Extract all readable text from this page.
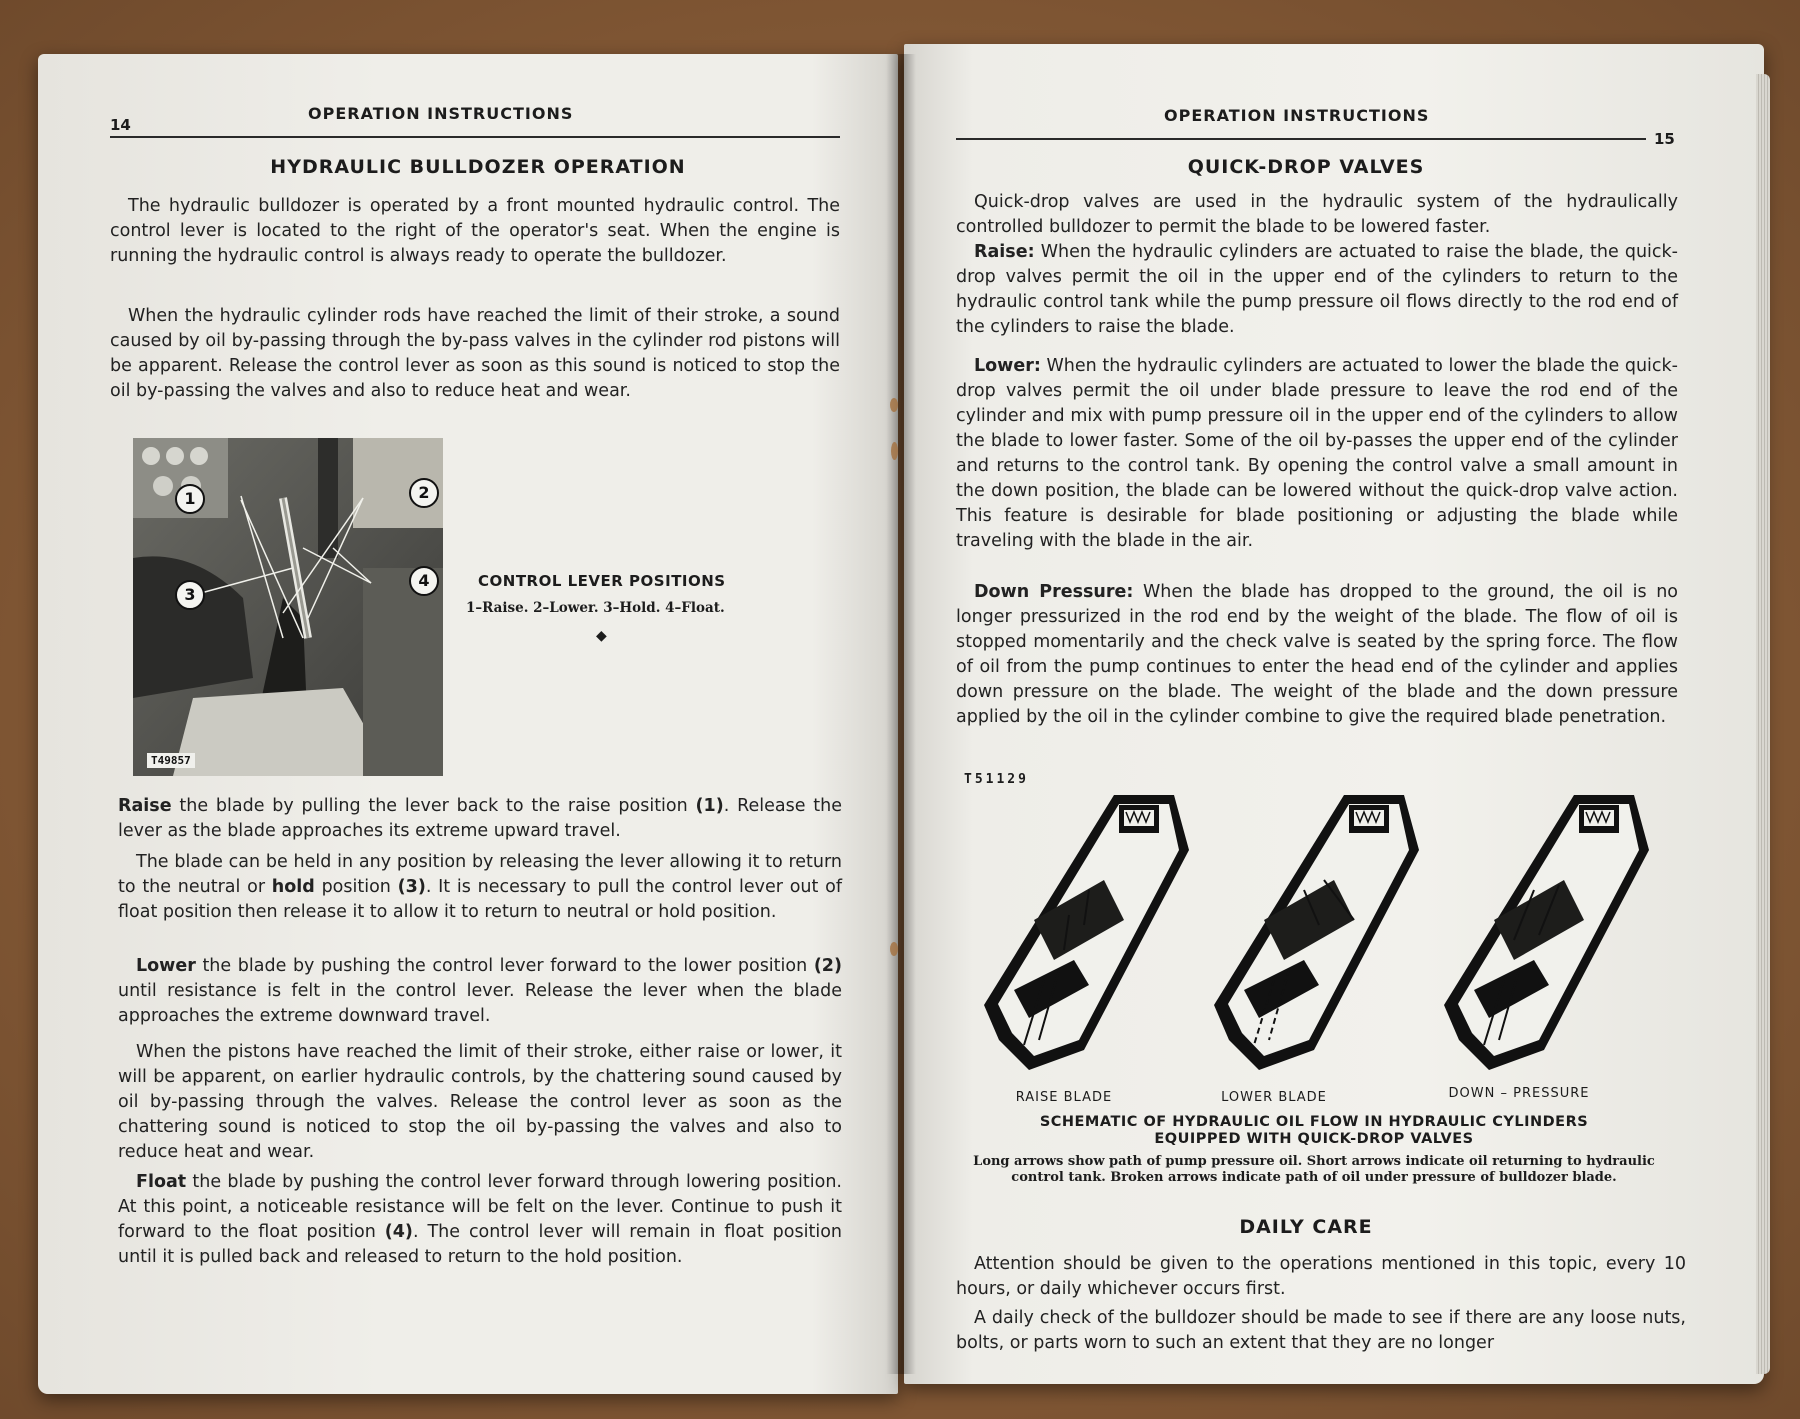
14
OPERATION INSTRUCTIONS
HYDRAULIC BULLDOZER OPERATION
The hydraulic bulldozer is operated by a front mounted hydraulic control. The control lever is located to the right of the operator's seat. When the engine is running the hydraulic control is always ready to operate the bulldozer.
When the hydraulic cylinder rods have reached the limit of their stroke, a sound caused by oil by-passing through the by-pass valves in the cylinder rod pistons will be apparent. Release the control lever as soon as this sound is noticed to stop the oil by-passing the valves and also to reduce heat and wear.
1	2
3
4
T49857
CONTROL LEVER POSITIONS
1–Raise. 2–Lower. 3–Hold. 4–Float.
◆
Raise the blade by pulling the lever back to the raise position (1). Release the lever as the blade approaches its extreme upward travel.
The blade can be held in any position by releasing the lever allowing it to return to the neutral or hold position (3). It is necessary to pull the control lever out of float position then release it to allow it to return to neutral or hold position.
Lower the blade by pushing the control lever forward to the lower position (2) until resistance is felt in the control lever. Release the lever when the blade approaches the extreme downward travel.
When the pistons have reached the limit of their stroke, either raise or lower, it will be apparent, on earlier hydraulic controls, by the chattering sound caused by oil by-passing through the valves. Release the control lever as soon as the chattering sound is noticed to stop the oil by-passing the valves and also to reduce heat and wear.
Float the blade by pushing the control lever forward through lowering position. At this point, a noticeable resistance will be felt on the lever. Continue to push it forward to the float position (4). The control lever will remain in float position until it is pulled back and released to return to the hold position.
OPERATION INSTRUCTIONS
15
QUICK-DROP VALVES
Quick-drop valves are used in the hydraulic system of the hydraulically controlled bulldozer to permit the blade to be lowered faster.
Raise: When the hydraulic cylinders are actuated to raise the blade, the quick-drop valves permit the oil in the upper end of the cylinders to return to the hydraulic control tank while the pump pressure oil flows directly to the rod end of the cylinders to raise the blade.
Lower: When the hydraulic cylinders are actuated to lower the blade the quick-drop valves permit the oil under blade pressure to leave the rod end of the cylinder and mix with pump pressure oil in the upper end of the cylinders to allow the blade to lower faster. Some of the oil by-passes the upper end of the cylinder and returns to the control tank. By opening the control valve a small amount in the down position, the blade can be lowered without the quick-drop valve action. This feature is desirable for blade positioning or adjusting the blade while traveling with the blade in the air.
Down Pressure: When the blade has dropped to the ground, the oil is no longer pressurized in the rod end by the weight of the blade. The flow of oil is stopped momentarily and the check valve is seated by the spring force. The flow of oil from the pump continues to enter the head end of the cylinder and applies down pressure on the blade. The weight of the blade and the down pressure applied by the oil in the cylinder combine to give the required blade penetration.
T51129
RAISE BLADE	LOWER BLADE	DOWN – PRESSURE
SCHEMATIC OF HYDRAULIC OIL FLOW IN HYDRAULIC CYLINDERS
EQUIPPED WITH QUICK-DROP VALVES
Long arrows show path of pump pressure oil. Short arrows indicate oil returning to hydraulic control tank. Broken arrows indicate path of oil under pressure of bulldozer blade.
DAILY CARE
Attention should be given to the operations mentioned in this topic, every 10 hours, or daily whichever occurs first.
A daily check of the bulldozer should be made to see if there are any loose nuts, bolts, or parts worn to such an extent that they are no longer
